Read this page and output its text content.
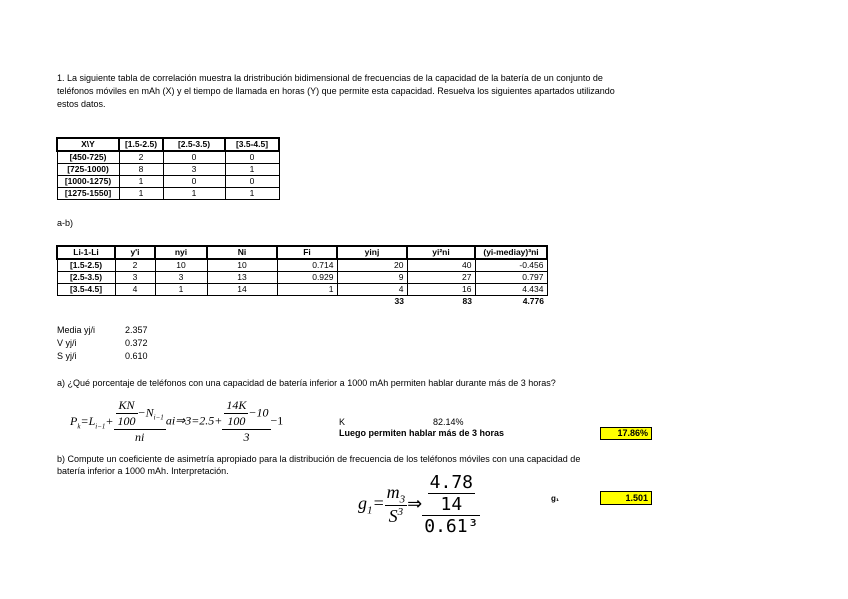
1. La siguiente tabla de correlación muestra la dristribución bidimensional de frecuencias de la capacidad de la batería de un conjunto de
teléfonos móviles en mAh (X) y el tiempo de llamada en horas (Y) que permite esta capacidad. Resuelva los siguientes apartados utilizando
estos datos.
X\Y	[1.5-2.5)	[2.5-3.5)	[3.5-4.5]
[450-725)	2	0	0
[725-1000)	8	3	1
[1000-1275)	1	0	0
[1275-1550]	1	1	1
a-b)
Li-1-Li	y'i	nyi	Ni	Fi	yinj	yi²ni	(yi-mediay)³ni
[1.5-2.5)	2	10	10	0.714	20	40	-0.456
[2.5-3.5)	3	3	13	0.929	9	27	0.797
[3.5-4.5]	4	1	14	1	4	16	4.434
					33	83	4.776
Media yj/i	2.357
V yj/i	0.372
S yj/i	0.610
a) ¿Qué porcentaje de teléfonos con una capacidad de batería inferior a 1000 mAh permiten hablar durante más de 3 horas?
$P_k=L_{i-1}+ \frac{\frac{KN}{100} -N_{i-1}}{ni}$ ai⇒3=2.5+ $\frac{\frac{14K}{100} -10}{3} -1$	K	82.14%
Luego permiten hablar más de 3 horas	17.86%
b) Compute un coeficiente de asimetría apropiado para la distribución de frecuencia de los teléfonos móviles con una capacidad de
batería inferior a 1000 mAh. Interpretación.
$g_1= \frac{m_3}{S^3}$ ⇒ $\frac{\frac{4.78}{14}}{\text{0.61³}}$	g₁	1.501
